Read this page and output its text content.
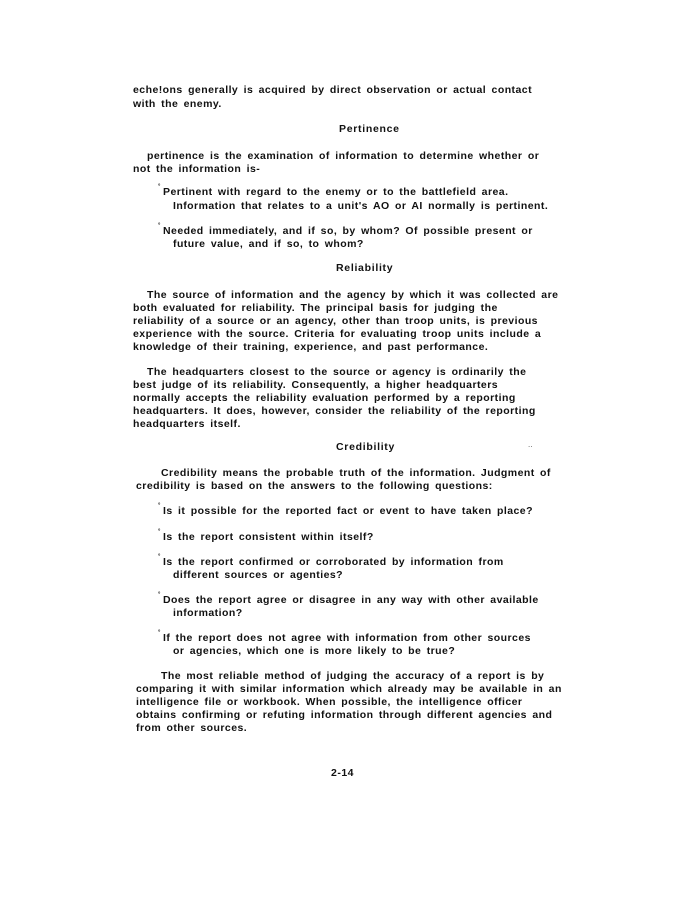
eche!ons generally is acquired by direct observation or actual contact
with the enemy.
Pertinence
pertinence is the examination of information to determine whether or
not the information is-
° Pertinent with regard to the enemy or to the battlefield area.
Information that relates to a unit's AO or AI normally is pertinent.
° Needed immediately, and if so, by whom? Of possible present or
future value, and if so, to whom?
Reliability
The source of information and the agency by which it was collected are
both evaluated for reliability. The principal basis for judging the
reliability of a source or an agency, other than troop units, is previous
experience with the source. Criteria for evaluating troop units include a
knowledge of their training, experience, and past performance.
The headquarters closest to the source or agency is ordinarily the
best judge of its reliability. Consequently, a higher headquarters
normally accepts the reliability evaluation performed by a reporting
headquarters. It does, however, consider the reliability of the reporting
headquarters itself.
Credibility	..
Credibility means the probable truth of the information. Judgment of
credibility is based on the answers to the following questions:
° Is it possible for the reported fact or event to have taken place?
° Is the report consistent within itself?
° Is the report confirmed or corroborated by information from
different sources or agenties?
° Does the report agree or disagree in any way with other available
information?
° If the report does not agree with information from other sources
or agencies, which one is more likely to be true?
The most reliable method of judging the accuracy of a report is by
comparing it with similar information which already may be available in an
intelligence file or workbook. When possible, the intelligence officer
obtains confirming or refuting information through different agencies and
from other sources.
2-14
